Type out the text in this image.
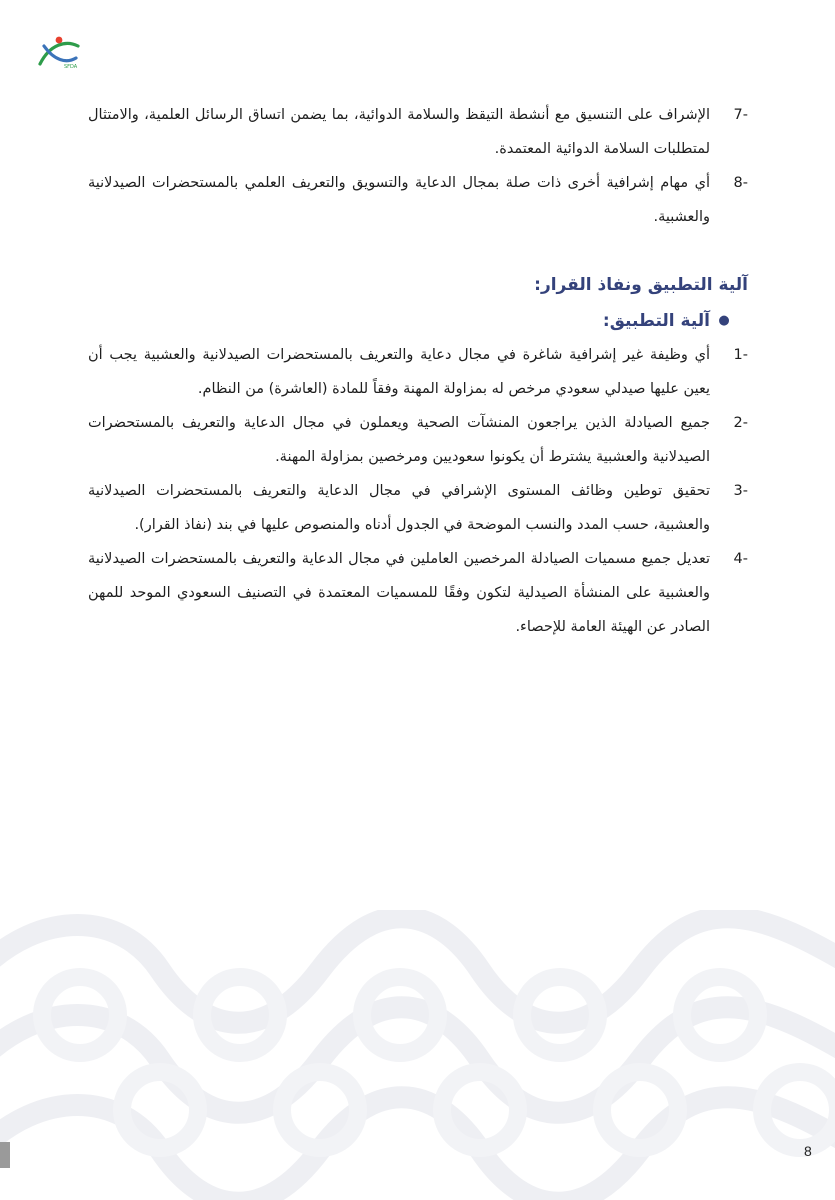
SFDA
7-
الإشراف على التنسيق مع أنشطة التيقظ والسلامة الدوائية، بما يضمن اتساق الرسائل العلمية، والامتثال لمتطلبات السلامة الدوائية المعتمدة.
8-
أي مهام إشرافية أخرى ذات صلة بمجال الدعاية والتسويق والتعريف العلمي بالمستحضرات الصيدلانية والعشبية.
آلية التطبيق ونفاذ القرار:
●
آلية التطبيق:
1-
أي وظيفة غير إشرافية شاغرة في مجال دعاية والتعريف بالمستحضرات الصيدلانية والعشبية يجب أن يعين عليها صيدلي سعودي مرخص له بمزاولة المهنة وفقاً للمادة (العاشرة) من النظام.
2-
جميع الصيادلة الذين يراجعون المنشآت الصحية ويعملون في مجال الدعاية والتعريف بالمستحضرات الصيدلانية والعشبية يشترط أن يكونوا سعوديين ومرخصين بمزاولة المهنة.
3-
تحقيق توطين وظائف المستوى الإشرافي في مجال الدعاية والتعريف بالمستحضرات الصيدلانية والعشبية، حسب المدد والنسب الموضحة في الجدول أدناه والمنصوص عليها في بند (نفاذ القرار).
4-
تعديل جميع مسميات الصيادلة المرخصين العاملين في مجال الدعاية والتعريف بالمستحضرات الصيدلانية والعشبية على المنشأة الصيدلية لتكون وفقًا للمسميات المعتمدة في التصنيف السعودي الموحد للمهن الصادر عن الهيئة العامة للإحصاء.
8
